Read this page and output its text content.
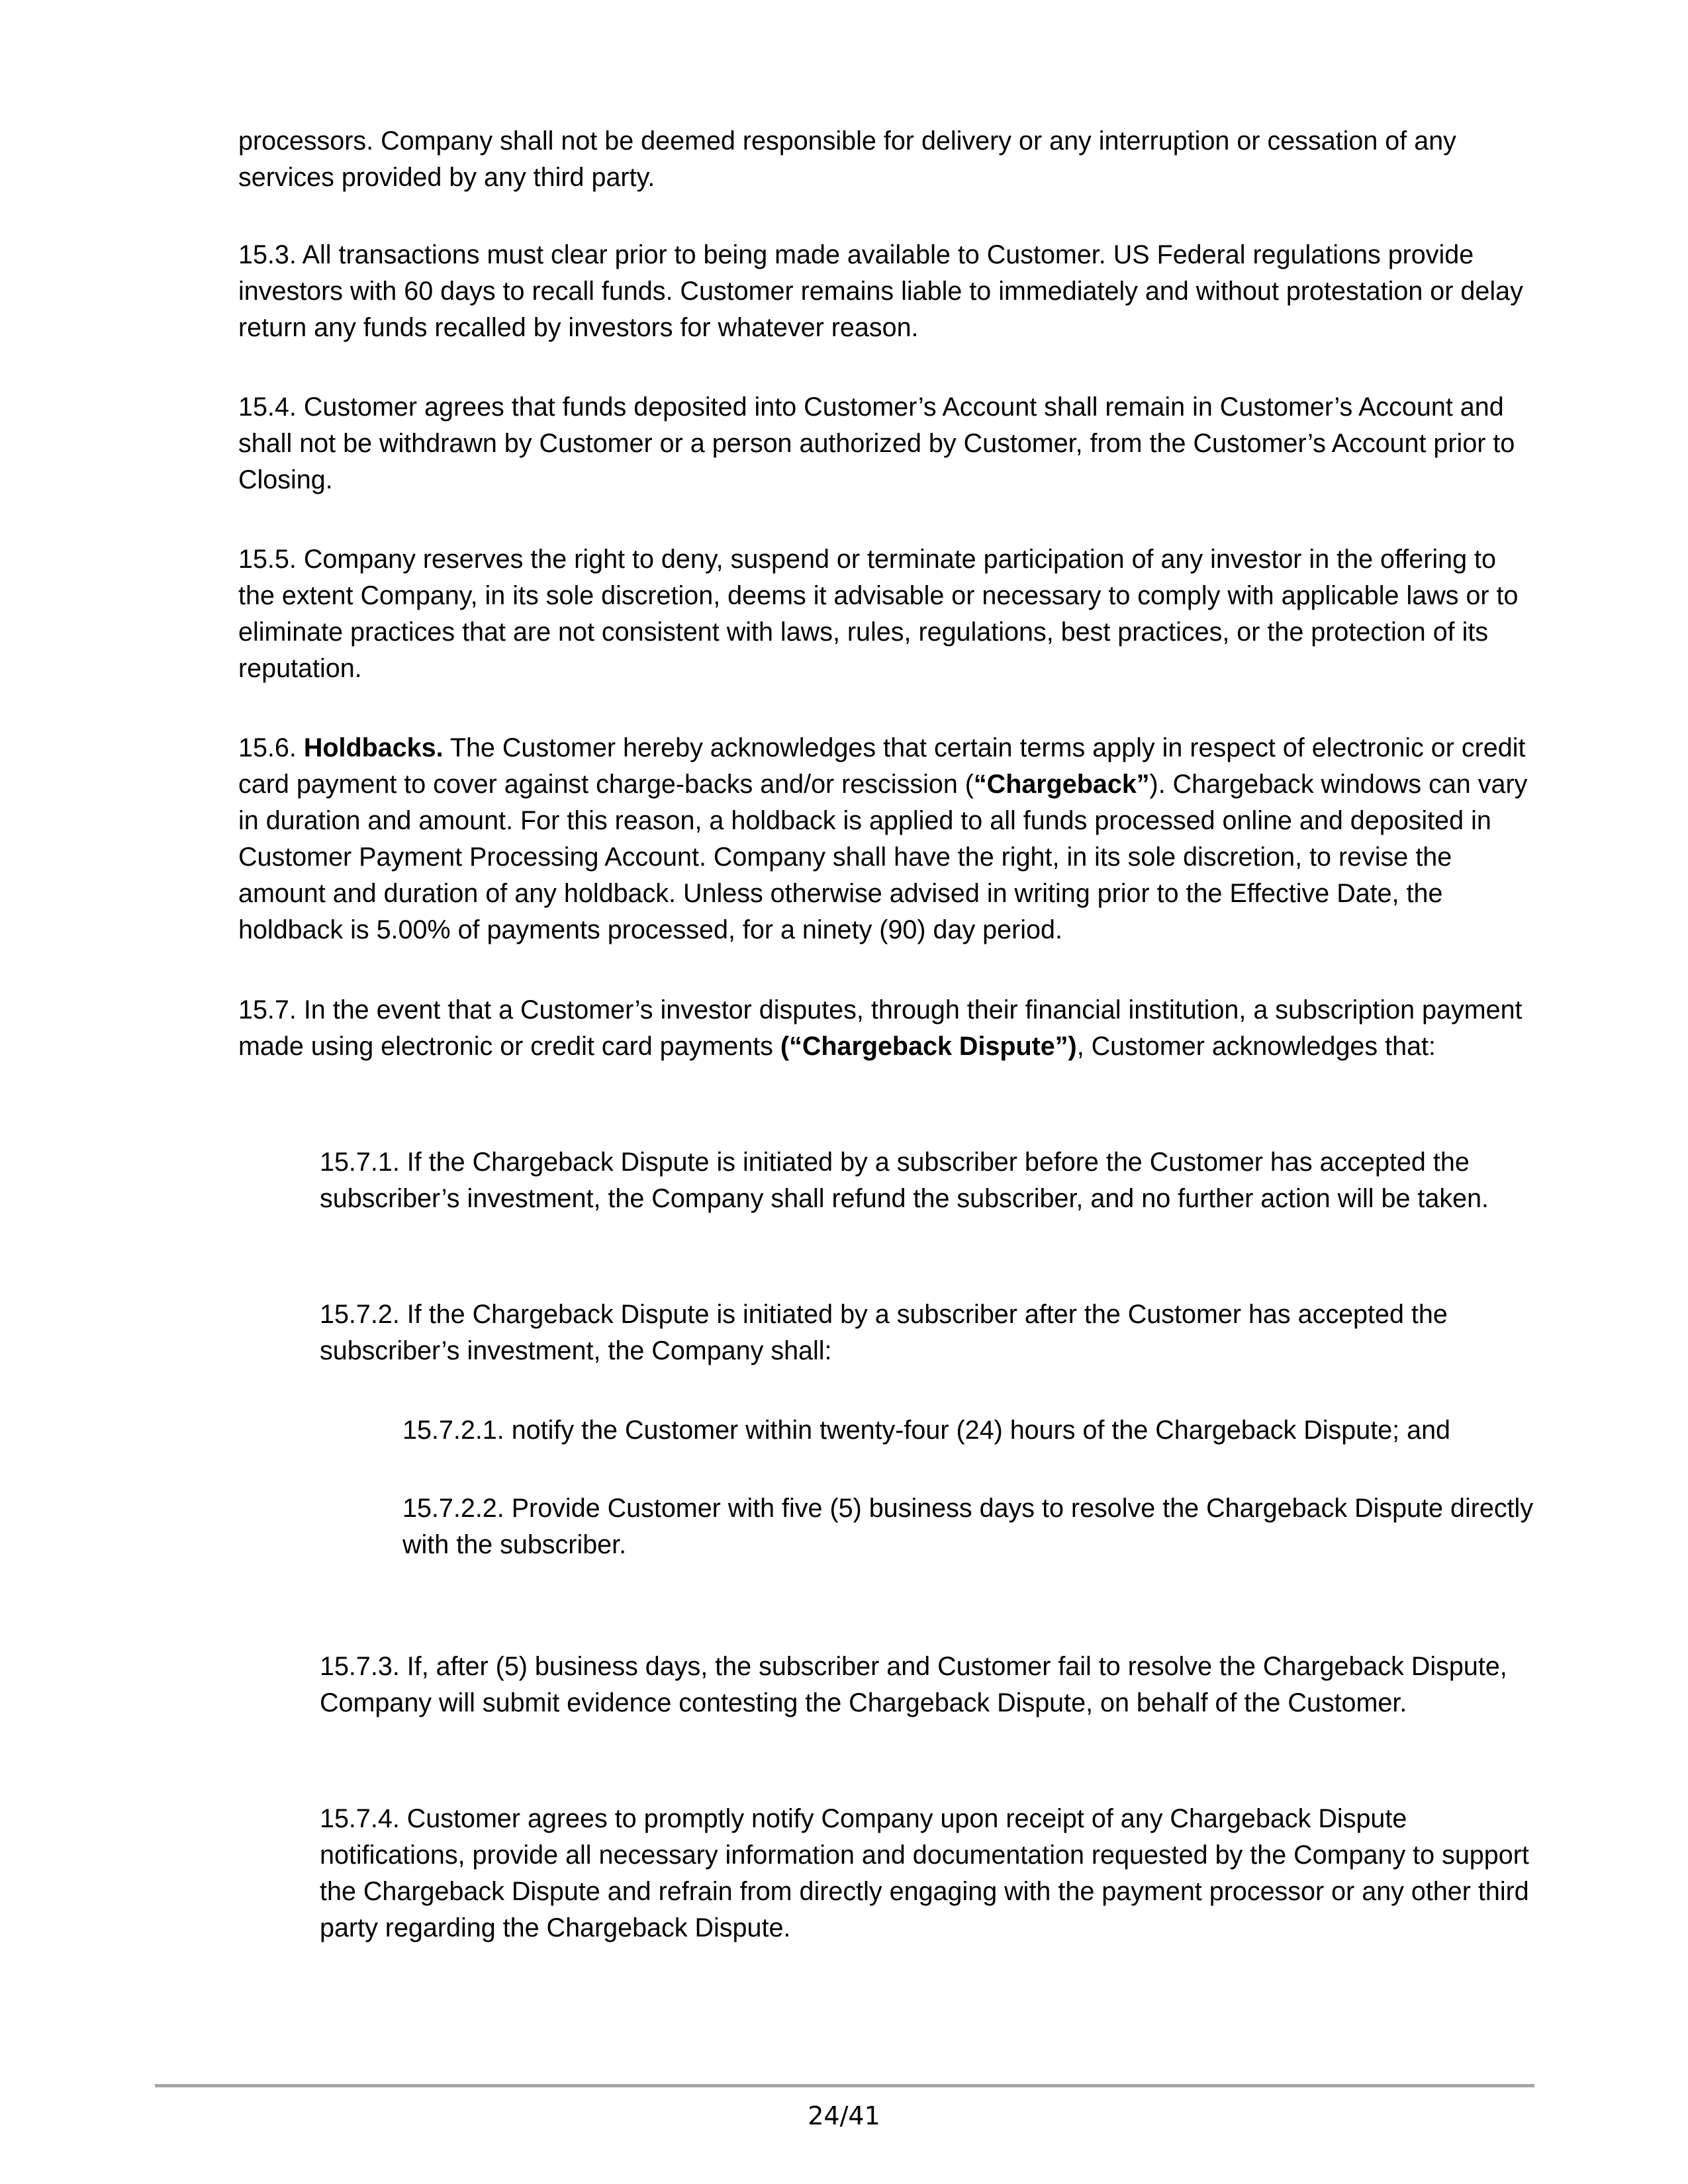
processors. Company shall not be deemed responsible for delivery or any interruption or cessation of any services provided by any third party.

15.3. All transactions must clear prior to being made available to Customer. US Federal regulations provide investors with 60 days to recall funds. Customer remains liable to immediately and without protestation or delay return any funds recalled by investors for whatever reason.

15.4. Customer agrees that funds deposited into Customer’s Account shall remain in Customer’s Account and shall not be withdrawn by Customer or a person authorized by Customer, from the Customer’s Account prior to Closing.

15.5. Company reserves the right to deny, suspend or terminate participation of any investor in the offering to the extent Company, in its sole discretion, deems it advisable or necessary to comply with applicable laws or to eliminate practices that are not consistent with laws, rules, regulations, best practices, or the protection of its reputation.

15.6. Holdbacks. The Customer hereby acknowledges that certain terms apply in respect of electronic or credit card payment to cover against charge-backs and/or rescission (“Chargeback”). Chargeback windows can vary in duration and amount. For this reason, a holdback is applied to all funds processed online and deposited in Customer Payment Processing Account. Company shall have the right, in its sole discretion, to revise the amount and duration of any holdback. Unless otherwise advised in writing prior to the Effective Date, the holdback is 5.00% of payments processed, for a ninety (90) day period.

15.7. In the event that a Customer’s investor disputes, through their financial institution, a subscription payment made using electronic or credit card payments (“Chargeback Dispute”), Customer acknowledges that:

15.7.1. If the Chargeback Dispute is initiated by a subscriber before the Customer has accepted the subscriber’s investment, the Company shall refund the subscriber, and no further action will be taken.

15.7.2. If the Chargeback Dispute is initiated by a subscriber after the Customer has accepted the subscriber’s investment, the Company shall:

15.7.2.1. notify the Customer within twenty-four (24) hours of the Chargeback Dispute; and

15.7.2.2. Provide Customer with five (5) business days to resolve the Chargeback Dispute directly with the subscriber.

15.7.3. If, after (5) business days, the subscriber and Customer fail to resolve the Chargeback Dispute, Company will submit evidence contesting the Chargeback Dispute, on behalf of the Customer.

15.7.4. Customer agrees to promptly notify Company upon receipt of any Chargeback Dispute notifications, provide all necessary information and documentation requested by the Company to support the Chargeback Dispute and refrain from directly engaging with the payment processor or any other third party regarding the Chargeback Dispute.

24/41
